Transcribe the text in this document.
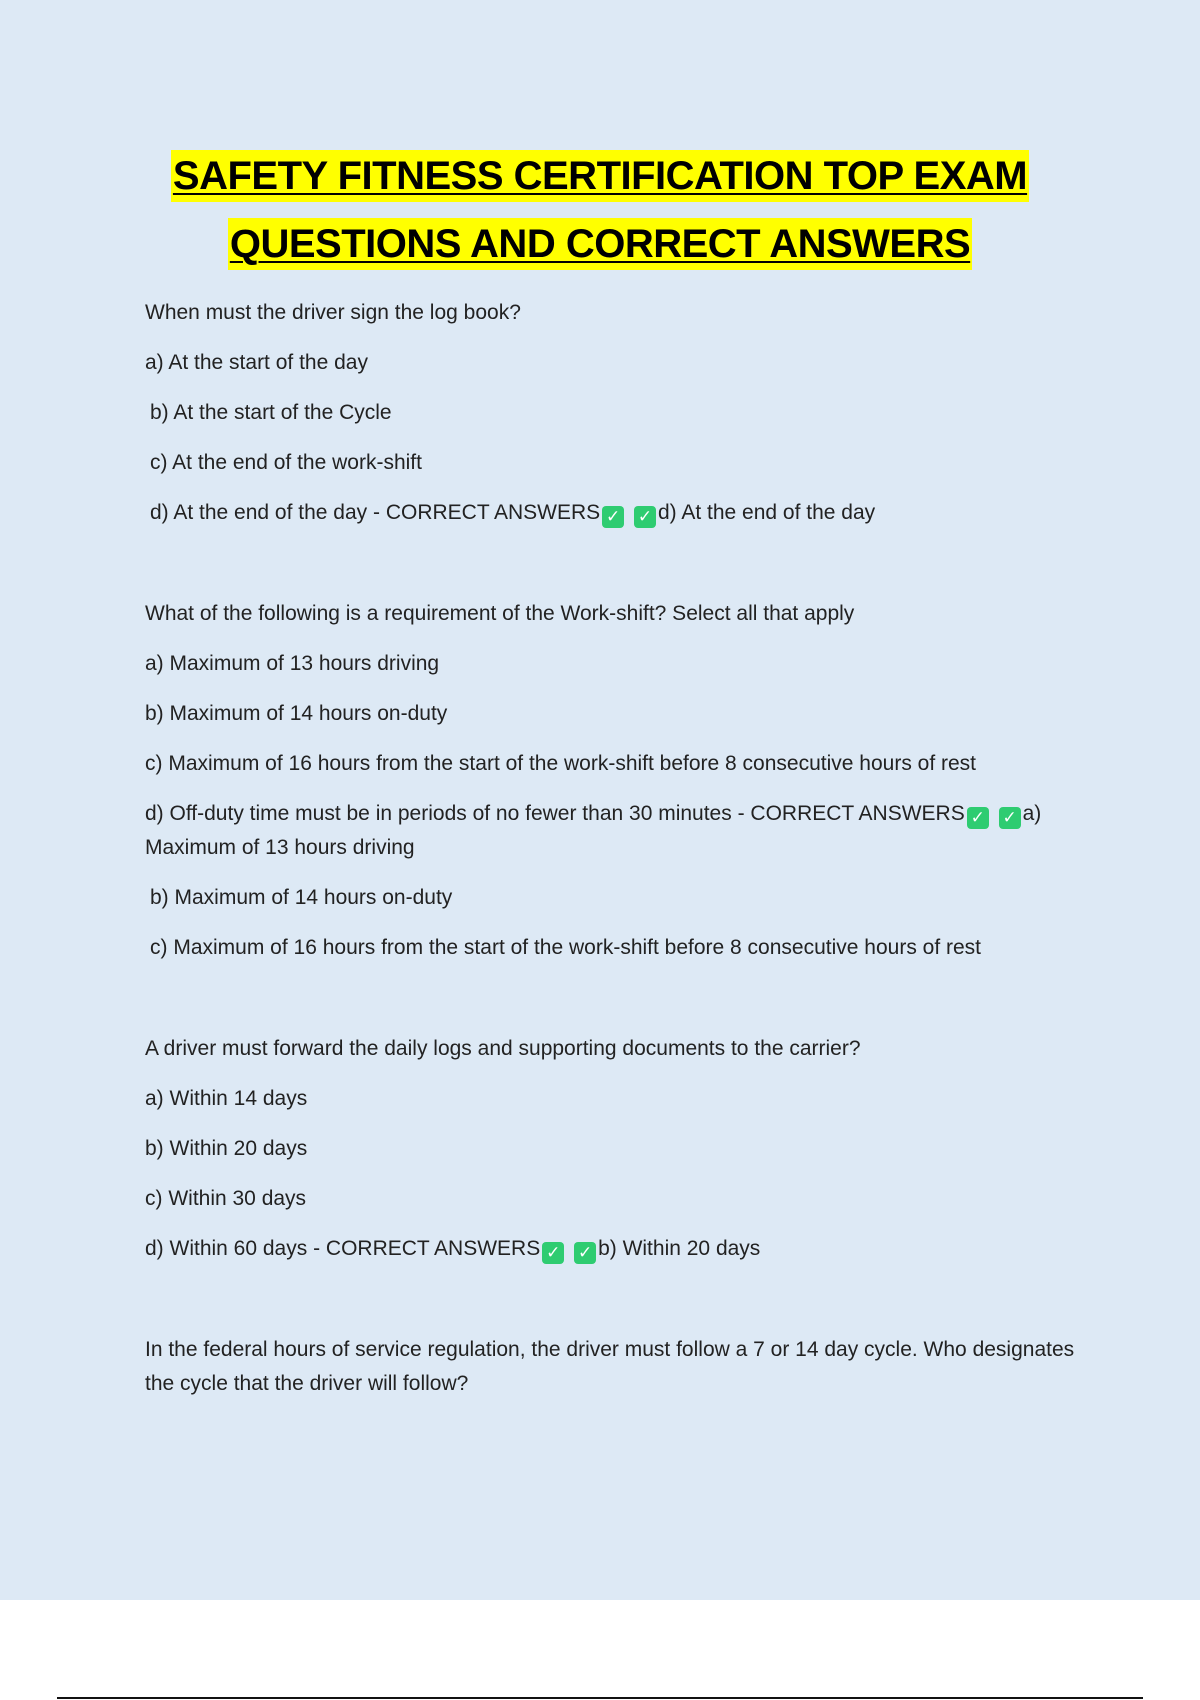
SAFETY FITNESS CERTIFICATION TOP EXAM
QUESTIONS AND CORRECT ANSWERS

When must the driver sign the log book?

a) At the start of the day

b) At the start of the Cycle

c) At the end of the work-shift

d) At the end of the day - CORRECT ANSWERS ✓ ✓ d) At the end of the day

What of the following is a requirement of the Work-shift? Select all that apply

a) Maximum of 13 hours driving

b) Maximum of 14 hours on-duty

c) Maximum of 16 hours from the start of the work-shift before 8 consecutive hours of rest

d) Off-duty time must be in periods of no fewer than 30 minutes - CORRECT ANSWERS ✓ ✓ a) Maximum of 13 hours driving

b) Maximum of 14 hours on-duty

c) Maximum of 16 hours from the start of the work-shift before 8 consecutive hours of rest

A driver must forward the daily logs and supporting documents to the carrier?

a) Within 14 days

b) Within 20 days

c) Within 30 days

d) Within 60 days - CORRECT ANSWERS ✓ ✓ b) Within 20 days

In the federal hours of service regulation, the driver must follow a 7 or 14 day cycle. Who designates the cycle that the driver will follow?
